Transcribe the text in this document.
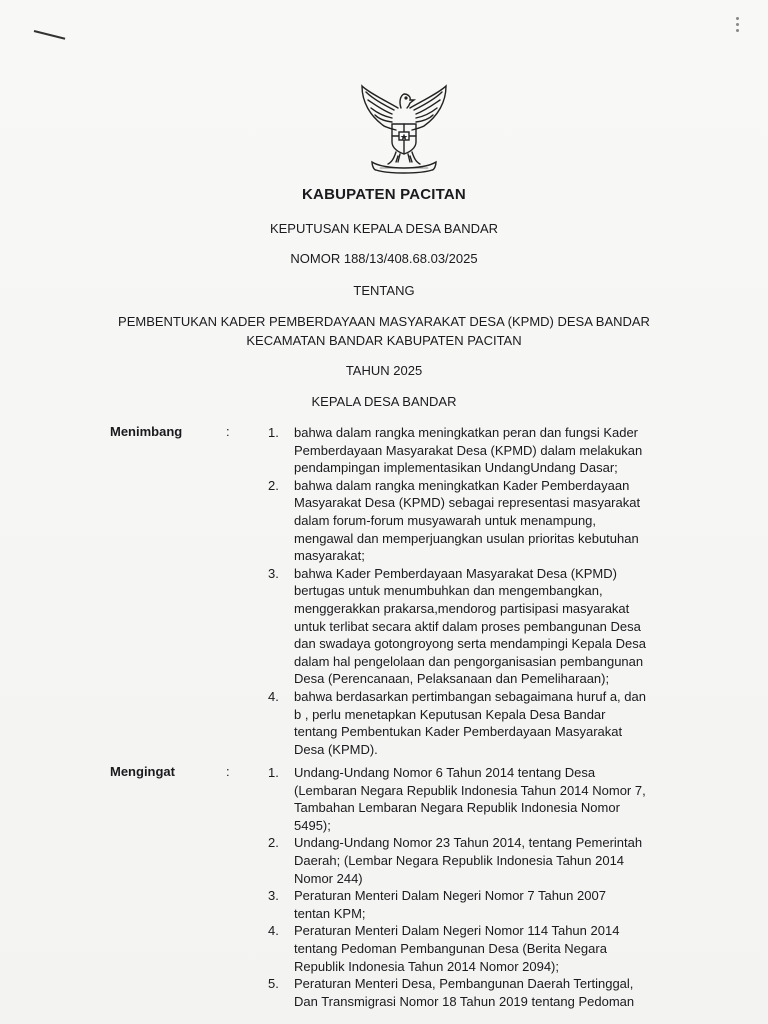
KABUPATEN PACITAN
KEPUTUSAN KEPALA DESA BANDAR
NOMOR 188/13/408.68.03/2025
TENTANG
PEMBENTUKAN KADER PEMBERDAYAAN MASYARAKAT DESA (KPMD) DESA BANDAR
KECAMATAN BANDAR KABUPATEN PACITAN
TAHUN 2025
KEPALA DESA BANDAR
Menimbang	:	1.	bahwa dalam rangka meningkatkan peran dan fungsi Kader
Pemberdayaan Masyarakat Desa (KPMD) dalam melakukan
pendampingan implementasikan UndangUndang Dasar;
2.	bahwa dalam rangka meningkatkan Kader Pemberdayaan
Masyarakat Desa (KPMD) sebagai representasi masyarakat
dalam forum-forum musyawarah untuk menampung,
mengawal dan memperjuangkan usulan prioritas kebutuhan
masyarakat;
3.	bahwa Kader Pemberdayaan Masyarakat Desa (KPMD)
bertugas untuk menumbuhkan dan mengembangkan,
menggerakkan prakarsa,mendorog partisipasi masyarakat
untuk terlibat secara aktif dalam proses pembangunan Desa
dan swadaya gotongroyong serta mendampingi Kepala Desa
dalam hal pengelolaan dan pengorganisasian pembangunan
Desa (Perencanaan, Pelaksanaan dan Pemeliharaan);
4.	bahwa berdasarkan pertimbangan sebagaimana huruf a, dan
b , perlu menetapkan Keputusan Kepala Desa Bandar
tentang Pembentukan Kader Pemberdayaan Masyarakat
Desa (KPMD).
Mengingat	:	1.	Undang-Undang Nomor 6 Tahun 2014 tentang Desa
(Lembaran Negara Republik Indonesia Tahun 2014 Nomor 7,
Tambahan Lembaran Negara Republik Indonesia Nomor
5495);
2.	Undang-Undang Nomor 23 Tahun 2014, tentang Pemerintah
Daerah; (Lembar Negara Republik Indonesia Tahun 2014
Nomor 244)
3.	Peraturan Menteri Dalam Negeri Nomor 7 Tahun 2007
tentan KPM;
4.	Peraturan Menteri Dalam Negeri Nomor 114 Tahun 2014
tentang Pedoman Pembangunan Desa (Berita Negara
Republik Indonesia Tahun 2014 Nomor 2094);
5.	Peraturan Menteri Desa, Pembangunan Daerah Tertinggal,
Dan Transmigrasi Nomor 18 Tahun 2019 tentang Pedoman
